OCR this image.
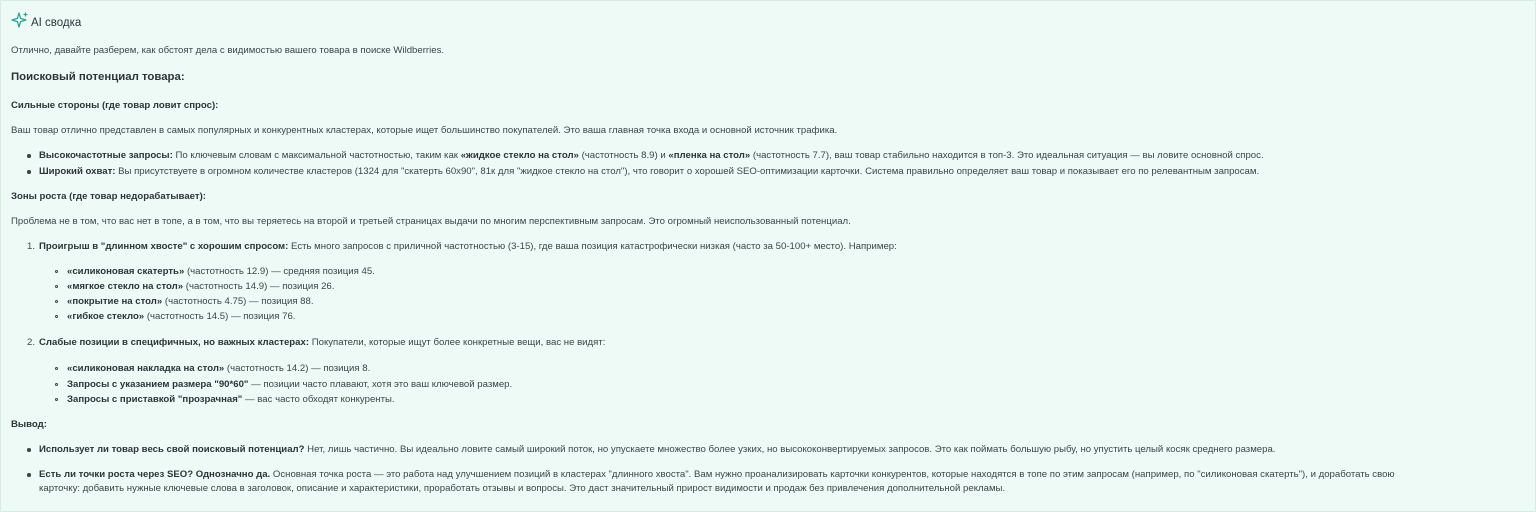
AI сводка
Отлично, давайте разберем, как обстоят дела с видимостью вашего товара в поиске Wildberries.
Поисковый потенциал товара:
Сильные стороны (где товар ловит спрос):
Ваш товар отлично представлен в самых популярных и конкурентных кластерах, которые ищет большинство покупателей. Это ваша главная точка входа и основной источник трафика.
Высокочастотные запросы: По ключевым словам с максимальной частотностью, таким как «жидкое стекло на стол» (частотность 8.9) и «пленка на стол» (частотность 7.7), ваш товар стабильно находится в топ-3. Это идеальная ситуация — вы ловите основной спрос.
Широкий охват: Вы присутствуете в огромном количестве кластеров (1324 для "скатерть 60х90", 81к для "жидкое стекло на стол"), что говорит о хорошей SEO-оптимизации карточки. Система правильно определяет ваш товар и показывает его по релевантным запросам.
Зоны роста (где товар недорабатывает):
Проблема не в том, что вас нет в топе, а в том, что вы теряетесь на второй и третьей страницах выдачи по многим перспективным запросам. Это огромный неиспользованный потенциал.
1. Проигрыш в "длинном хвосте" с хорошим спросом: Есть много запросов с приличной частотностью (3-15), где ваша позиция катастрофически низкая (часто за 50-100+ место). Например:
«силиконовая скатерть» (частотность 12.9) — средняя позиция 45.
«мягкое стекло на стол» (частотность 14.9) — позиция 26.
«покрытие на стол» (частотность 4.75) — позиция 88.
«гибкое стекло» (частотность 14.5) — позиция 76.
2. Слабые позиции в специфичных, но важных кластерах: Покупатели, которые ищут более конкретные вещи, вас не видят:
«силиконовая накладка на стол» (частотность 14.2) — позиция 8.
Запросы с указанием размера "90*60" — позиции часто плавают, хотя это ваш ключевой размер.
Запросы с приставкой "прозрачная" — вас часто обходят конкуренты.
Вывод:
Использует ли товар весь свой поисковый потенциал? Нет, лишь частично. Вы идеально ловите самый широкий поток, но упускаете множество более узких, но высококонвертируемых запросов. Это как поймать большую рыбу, но упустить целый косяк среднего размера.
Есть ли точки роста через SEO? Однозначно да. Основная точка роста — это работа над улучшением позиций в кластерах "длинного хвоста". Вам нужно проанализировать карточки конкурентов, которые находятся в топе по этим запросам (например, по "силиконовая скатерть"), и доработать свою
карточку: добавить нужные ключевые слова в заголовок, описание и характеристики, проработать отзывы и вопросы. Это даст значительный прирост видимости и продаж без привлечения дополнительной рекламы.
